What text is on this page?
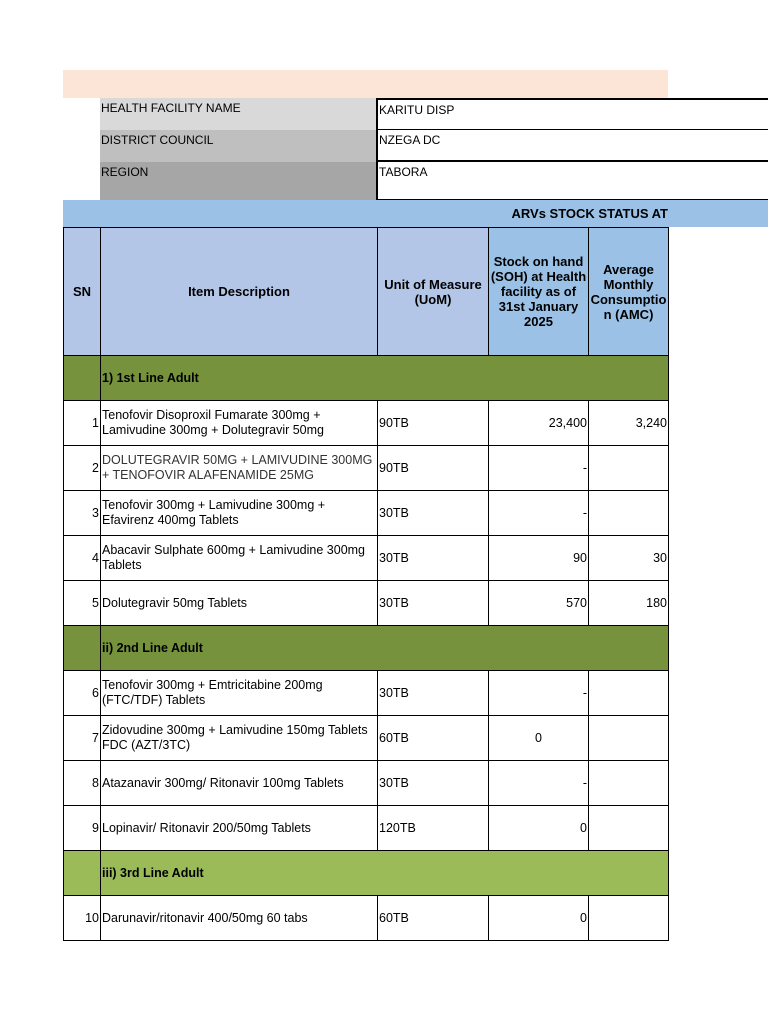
HEALTH FACILITY NAME	KARITU DISP
DISTRICT COUNCIL	NZEGA DC
REGION	TABORA
ARVs STOCK STATUS AT
SN	Item Description	Unit of Measure (UoM)	Stock on hand (SOH) at Health facility as of 31st January 2025	Average Monthly Consumptio n (AMC)
	1) 1st Line Adult			
1	Tenofovir Disoproxil Fumarate 300mg + Lamivudine 300mg + Dolutegravir 50mg	90TB	23,400	3,240
2	DOLUTEGRAVIR 50MG + LAMIVUDINE 300MG + TENOFOVIR ALAFENAMIDE 25MG	90TB	-	
3	Tenofovir 300mg + Lamivudine 300mg + Efavirenz 400mg Tablets	30TB	-	
4	Abacavir Sulphate 600mg + Lamivudine 300mg Tablets	30TB	90	30
5	Dolutegravir 50mg Tablets	30TB	570	180
	ii) 2nd Line Adult			
6	Tenofovir 300mg + Emtricitabine 200mg (FTC/TDF) Tablets	30TB	-	
7	Zidovudine 300mg + Lamivudine 150mg Tablets FDC (AZT/3TC)	60TB	0	
8	Atazanavir 300mg/ Ritonavir 100mg Tablets	30TB	-	
9	Lopinavir/ Ritonavir 200/50mg Tablets	120TB	0	
	iii) 3rd Line Adult			
10	Darunavir/ritonavir 400/50mg 60 tabs	60TB	0	
